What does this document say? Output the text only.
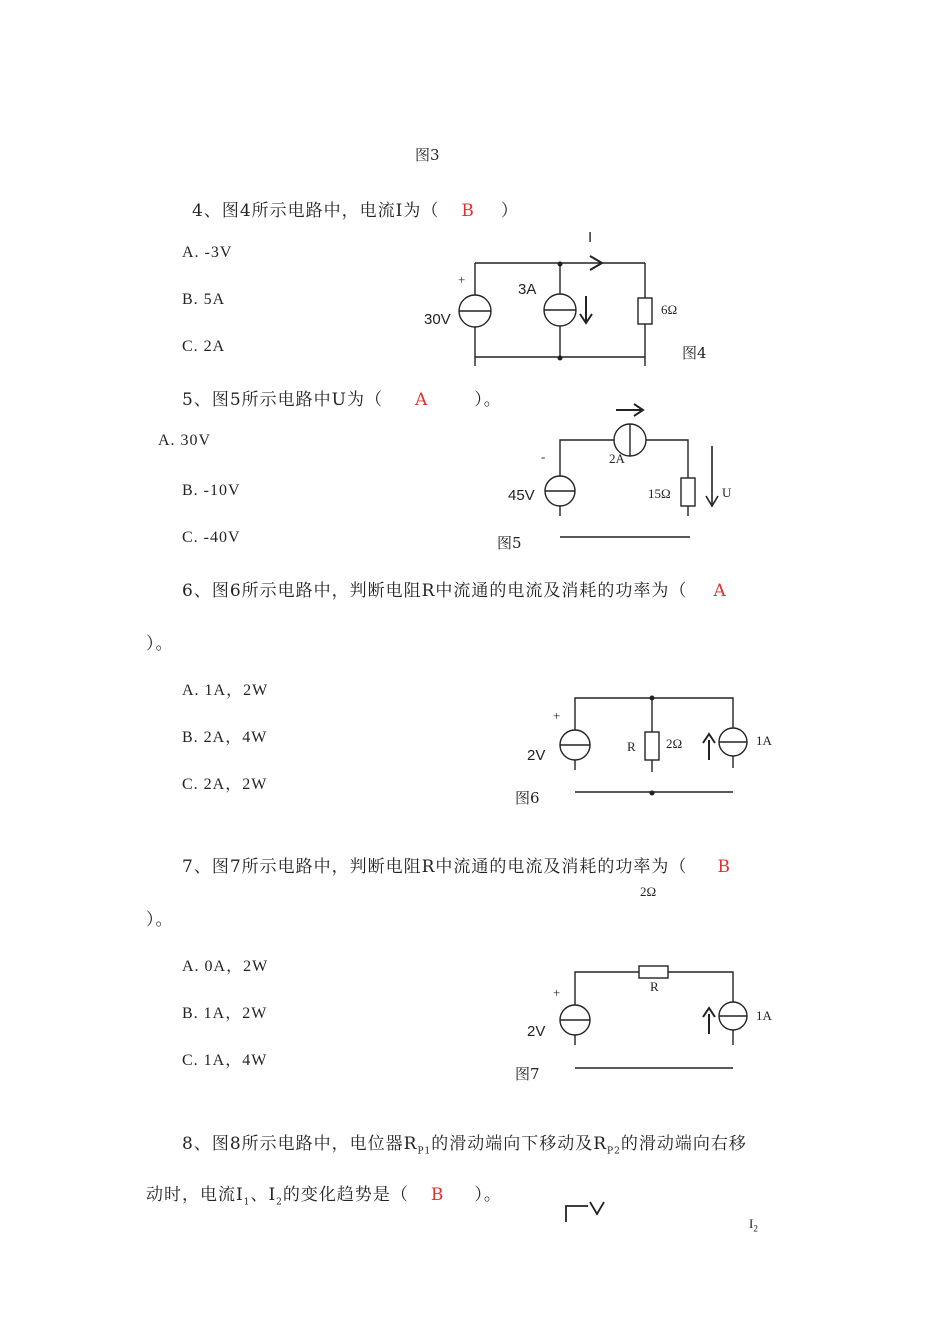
图3
4、图4所示电路中，电流Ⅰ为（ B ）
A. -3V
B. 5A
C. 2A
I
+
30V
3A
6Ω
图4
5、图5所示电路中U为（ A	）。
A. 30V
B. -10V
C. -40V
-
45V
2A
15Ω	U
图5
6、图6所示电路中，判断电阻R中流通的电流及消耗的功率为（ A
）。
A. 1A，2W
B. 2A，4W
C. 2A，2W
+
2V
R 2Ω	1A
图6
7、图7所示电路中，判断电阻R中流通的电流及消耗的功率为（ B
2Ω
）。
A. 0A，2W
B. 1A，2W
C. 1A，4W
R
+
2V
1A
图7
8、图8所示电路中，电位器$R_{P1}$的滑动端向下移动及$R_{P2}$的滑动端向右移
动时，电流$Ⅰ_1$、$Ⅰ_2$的变化趋势是（ B ）。
$I_2$
